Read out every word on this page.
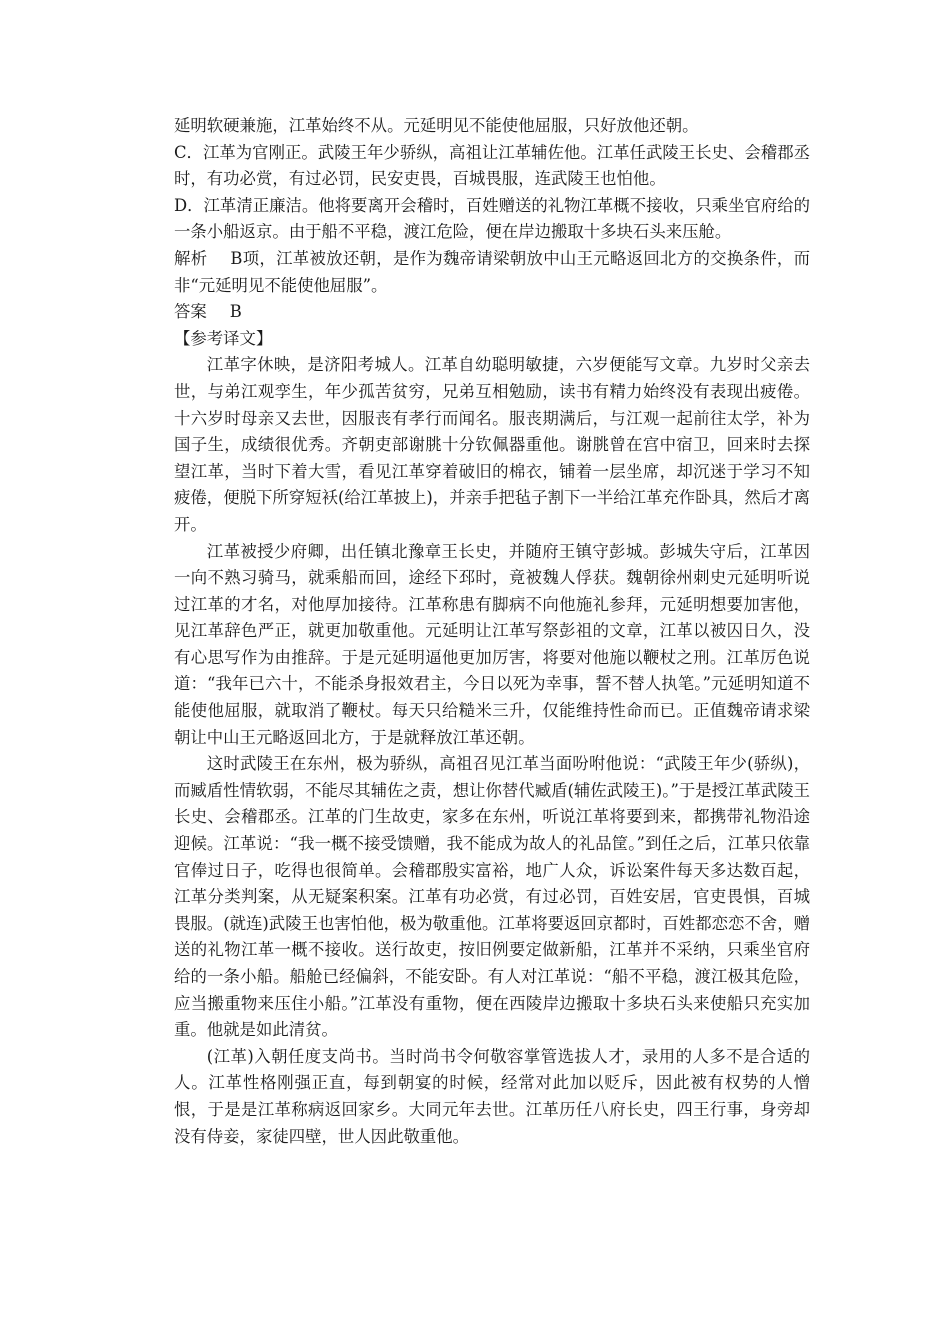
延明软硬兼施，江革始终不从。元延明见不能使他屈服，只好放他还朝。

C．江革为官刚正。武陵王年少骄纵，高祖让江革辅佐他。江革任武陵王长史、会稽郡丞时，有功必赏，有过必罚，民安吏畏，百城畏服，连武陵王也怕他。

D．江革清正廉洁。他将要离开会稽时，百姓赠送的礼物江革概不接收，只乘坐官府给的一条小船返京。由于船不平稳，渡江危险，便在岸边搬取十多块石头来压舱。

解析 B项，江革被放还朝，是作为魏帝请梁朝放中山王元略返回北方的交换条件，而非“元延明见不能使他屈服”。

答案 B

【参考译文】

江革字休映，是济阳考城人。江革自幼聪明敏捷，六岁便能写文章。九岁时父亲去世，与弟江观孪生，年少孤苦贫穷，兄弟互相勉励，读书有精力始终没有表现出疲倦。十六岁时母亲又去世，因服丧有孝行而闻名。服丧期满后，与江观一起前往太学，补为国子生，成绩很优秀。齐朝吏部谢朓十分钦佩器重他。谢朓曾在宫中宿卫，回来时去探望江革，当时下着大雪，看见江革穿着破旧的棉衣，铺着一层坐席，却沉迷于学习不知疲倦，便脱下所穿短袄(给江革披上)，并亲手把毡子割下一半给江革充作卧具，然后才离开。

江革被授少府卿，出任镇北豫章王长史，并随府王镇守彭城。彭城失守后，江革因一向不熟习骑马，就乘船而回，途经下邳时，竟被魏人俘获。魏朝徐州刺史元延明听说过江革的才名，对他厚加接待。江革称患有脚病不向他施礼参拜，元延明想要加害他，见江革辞色严正，就更加敬重他。元延明让江革写祭彭祖的文章，江革以被囚日久，没有心思写作为由推辞。于是元延明逼他更加厉害，将要对他施以鞭杖之刑。江革厉色说道：“我年已六十，不能杀身报效君主，今日以死为幸事，誓不替人执笔。”元延明知道不能使他屈服，就取消了鞭杖。每天只给糙米三升，仅能维持性命而已。正值魏帝请求梁朝让中山王元略返回北方，于是就释放江革还朝。

这时武陵王在东州，极为骄纵，高祖召见江革当面吩咐他说：“武陵王年少(骄纵)，而臧盾性情软弱，不能尽其辅佐之责，想让你替代臧盾(辅佐武陵王)。”于是授江革武陵王长史、会稽郡丞。江革的门生故吏，家多在东州，听说江革将要到来，都携带礼物沿途迎候。江革说：“我一概不接受馈赠，我不能成为故人的礼品筐。”到任之后，江革只依靠官俸过日子，吃得也很简单。会稽郡殷实富裕，地广人众，诉讼案件每天多达数百起，江革分类判案，从无疑案积案。江革有功必赏，有过必罚，百姓安居，官吏畏惧，百城畏服。(就连)武陵王也害怕他，极为敬重他。江革将要返回京都时，百姓都恋恋不舍，赠送的礼物江革一概不接收。送行故吏，按旧例要定做新船，江革并不采纳，只乘坐官府给的一条小船。船舱已经偏斜，不能安卧。有人对江革说：“船不平稳，渡江极其危险，应当搬重物来压住小船。”江革没有重物，便在西陵岸边搬取十多块石头来使船只充实加重。他就是如此清贫。

(江革)入朝任度支尚书。当时尚书令何敬容掌管选拔人才，录用的人多不是合适的人。江革性格刚强正直，每到朝宴的时候，经常对此加以贬斥，因此被有权势的人憎恨，于是是江革称病返回家乡。大同元年去世。江革历任八府长史，四王行事，身旁却没有侍妾，家徒四壁，世人因此敬重他。
